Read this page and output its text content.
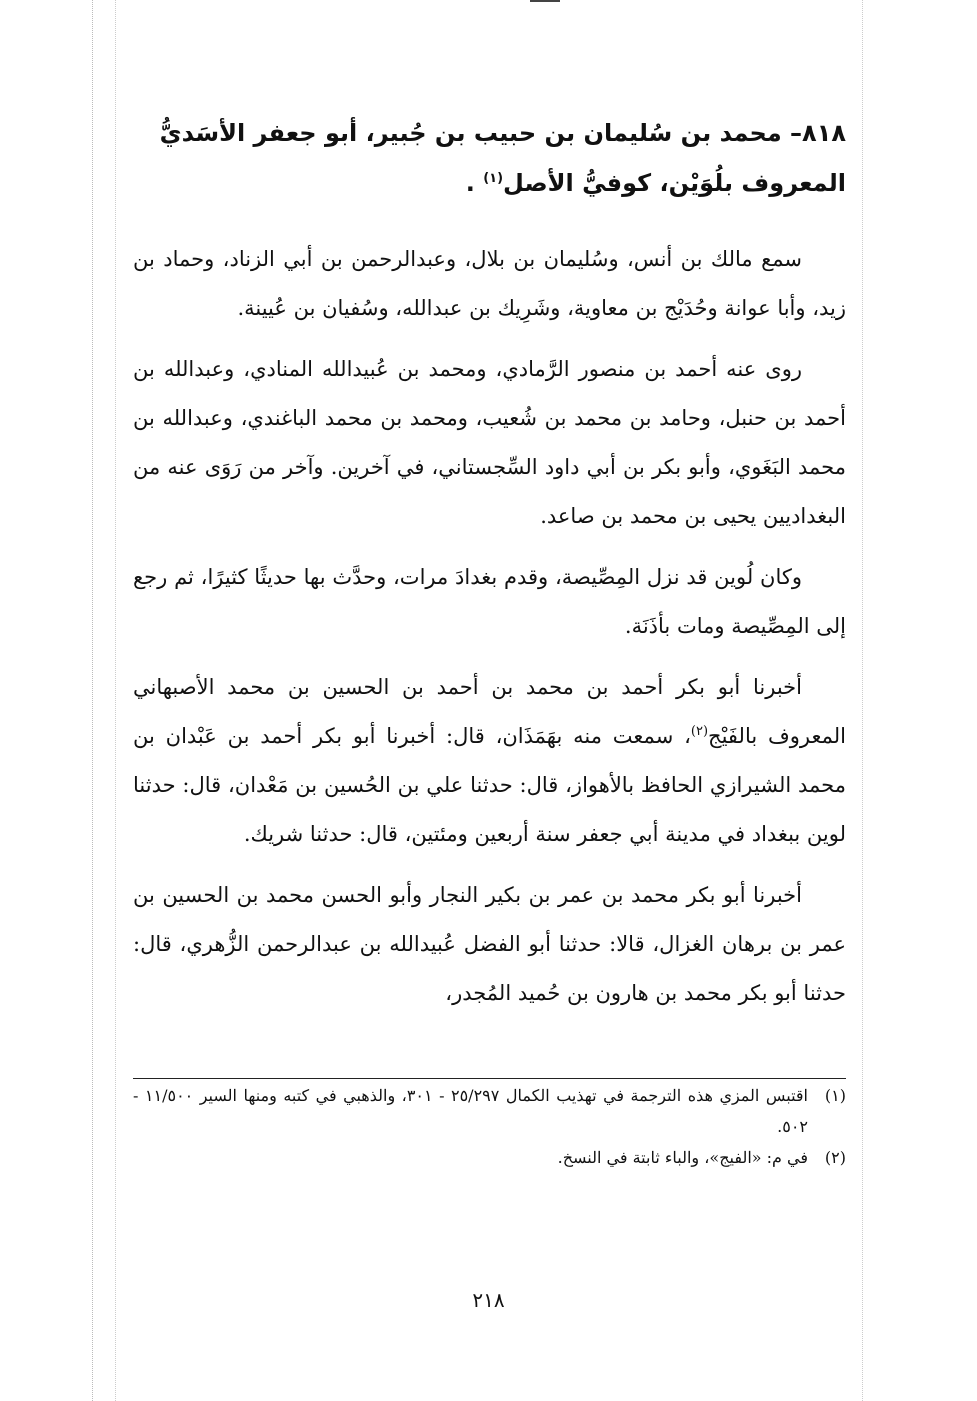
٨١٨– محمد بن سُليمان بن حبيب بن جُبير، أبو جعفر الأسَديُّ
المعروف بلُوَيْن، كوفيُّ الأصل$^{(١)}$ .

سمع مالك بن أنس، وسُليمان بن بلال، وعبدالرحمن بن أبي الزناد، وحماد بن زيد، وأبا عوانة وحُدَيْج بن معاوية، وشَرِيك بن عبدالله، وسُفيان بن عُيينة.

روى عنه أحمد بن منصور الرَّمادي، ومحمد بن عُبيدالله المنادي، وعبدالله بن أحمد بن حنبل، وحامد بن محمد بن شُعيب، ومحمد بن محمد الباغندي، وعبدالله بن محمد البَغَوي، وأبو بكر بن أبي داود السِّجستاني، في آخرين. وآخر من رَوَى عنه من البغداديين يحيى بن محمد بن صاعد.

وكان لُوين قد نزل المِصِّيصة، وقدم بغدادَ مرات، وحدَّث بها حديثًا كثيرًا، ثم رجع إلى المِصِّيصة ومات بأذَنَة.

أخبرنا أبو بكر أحمد بن محمد بن أحمد بن الحسين بن محمد الأصبهاني المعروف بالفَيْج$^{(٢)}$، سمعت منه بهَمَذَان، قال: أخبرنا أبو بكر أحمد بن عَبْدان بن محمد الشيرازي الحافظ بالأهواز، قال: حدثنا علي بن الحُسين بن مَعْدان، قال: حدثنا لوين ببغداد في مدينة أبي جعفر سنة أربعين ومئتين، قال: حدثنا شريك.

أخبرنا أبو بكر محمد بن عمر بن بكير النجار وأبو الحسن محمد بن الحسين بن عمر بن برهان الغزال، قالا: حدثنا أبو الفضل عُبيدالله بن عبدالرحمن الزُّهري، قال: حدثنا أبو بكر محمد بن هارون بن حُميد المُجدر،

(١)
اقتبس المزي هذه الترجمة في تهذيب الكمال ٢٥/٢٩٧ - ٣٠١، والذهبي في كتبه ومنها السير ١١/٥٠٠ - ٥٠٢.
(٢)
في م: «الفيج»، والباء ثابتة في النسخ.
٢١٨
